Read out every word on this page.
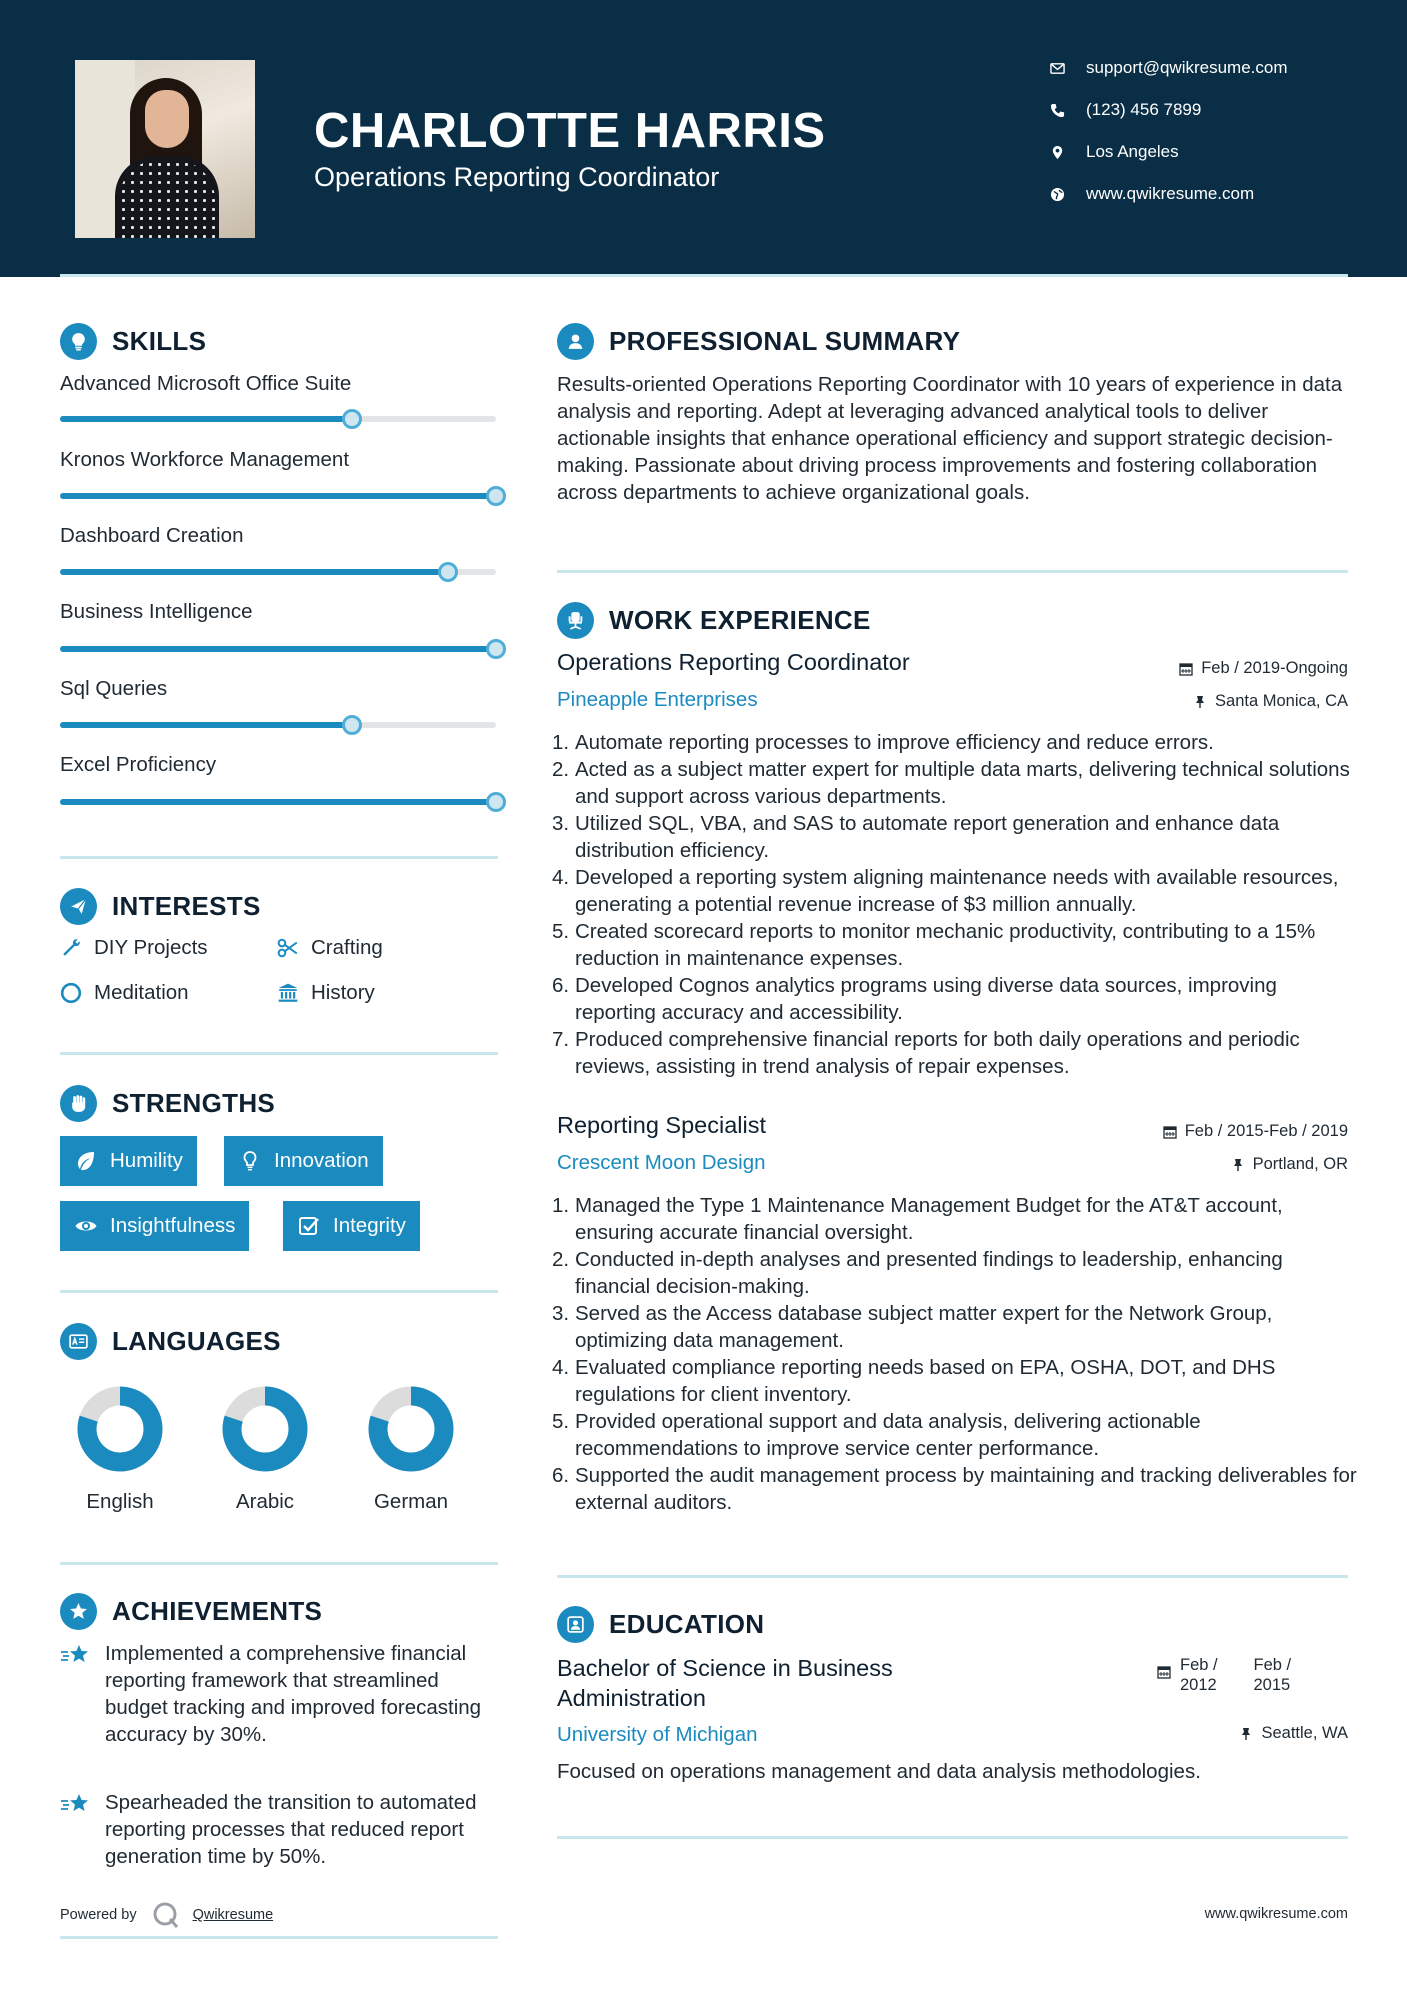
CHARLOTTE HARRIS
Operations Reporting Coordinator
support@qwikresume.com
(123) 456 7899
Los Angeles
www.qwikresume.com
SKILLS
Advanced Microsoft Office Suite
Kronos Workforce Management
Dashboard Creation
Business Intelligence
Sql Queries
Excel Proficiency
INTERESTS
DIY Projects	Crafting
Meditation	History
STRENGTHS
Humility	Innovation
Insightfulness	Integrity
LANGUAGES
English	Arabic	German
ACHIEVEMENTS
Implemented a comprehensive financial reporting framework that streamlined budget tracking and improved forecasting accuracy by 30%.
Spearheaded the transition to automated reporting processes that reduced report generation time by 50%.
Powered by	Qwikresume
PROFESSIONAL SUMMARY
Results-oriented Operations Reporting Coordinator with 10 years of experience in data analysis and reporting. Adept at leveraging advanced analytical tools to deliver actionable insights that enhance operational efficiency and support strategic decision-making. Passionate about driving process improvements and fostering collaboration across departments to achieve organizational goals.
WORK EXPERIENCE
Operations Reporting Coordinator	Feb / 2019-Ongoing
Pineapple Enterprises	Santa Monica, CA
1. Automate reporting processes to improve efficiency and reduce errors.
2. Acted as a subject matter expert for multiple data marts, delivering technical solutions and support across various departments.
3. Utilized SQL, VBA, and SAS to automate report generation and enhance data distribution efficiency.
4. Developed a reporting system aligning maintenance needs with available resources, generating a potential revenue increase of $3 million annually.
5. Created scorecard reports to monitor mechanic productivity, contributing to a 15% reduction in maintenance expenses.
6. Developed Cognos analytics programs using diverse data sources, improving reporting accuracy and accessibility.
7. Produced comprehensive financial reports for both daily operations and periodic reviews, assisting in trend analysis of repair expenses.
Reporting Specialist	Feb / 2015-Feb / 2019
Crescent Moon Design	Portland, OR
1. Managed the Type 1 Maintenance Management Budget for the AT&T account, ensuring accurate financial oversight.
2. Conducted in-depth analyses and presented findings to leadership, enhancing financial decision-making.
3. Served as the Access database subject matter expert for the Network Group, optimizing data management.
4. Evaluated compliance reporting needs based on EPA, OSHA, DOT, and DHS regulations for client inventory.
5. Provided operational support and data analysis, delivering actionable recommendations to improve service center performance.
6. Supported the audit management process by maintaining and tracking deliverables for external auditors.
EDUCATION
Bachelor of Science in Business Administration
Feb / 2012
Feb / 2015
University of Michigan	Seattle, WA
Focused on operations management and data analysis methodologies.
www.qwikresume.com
